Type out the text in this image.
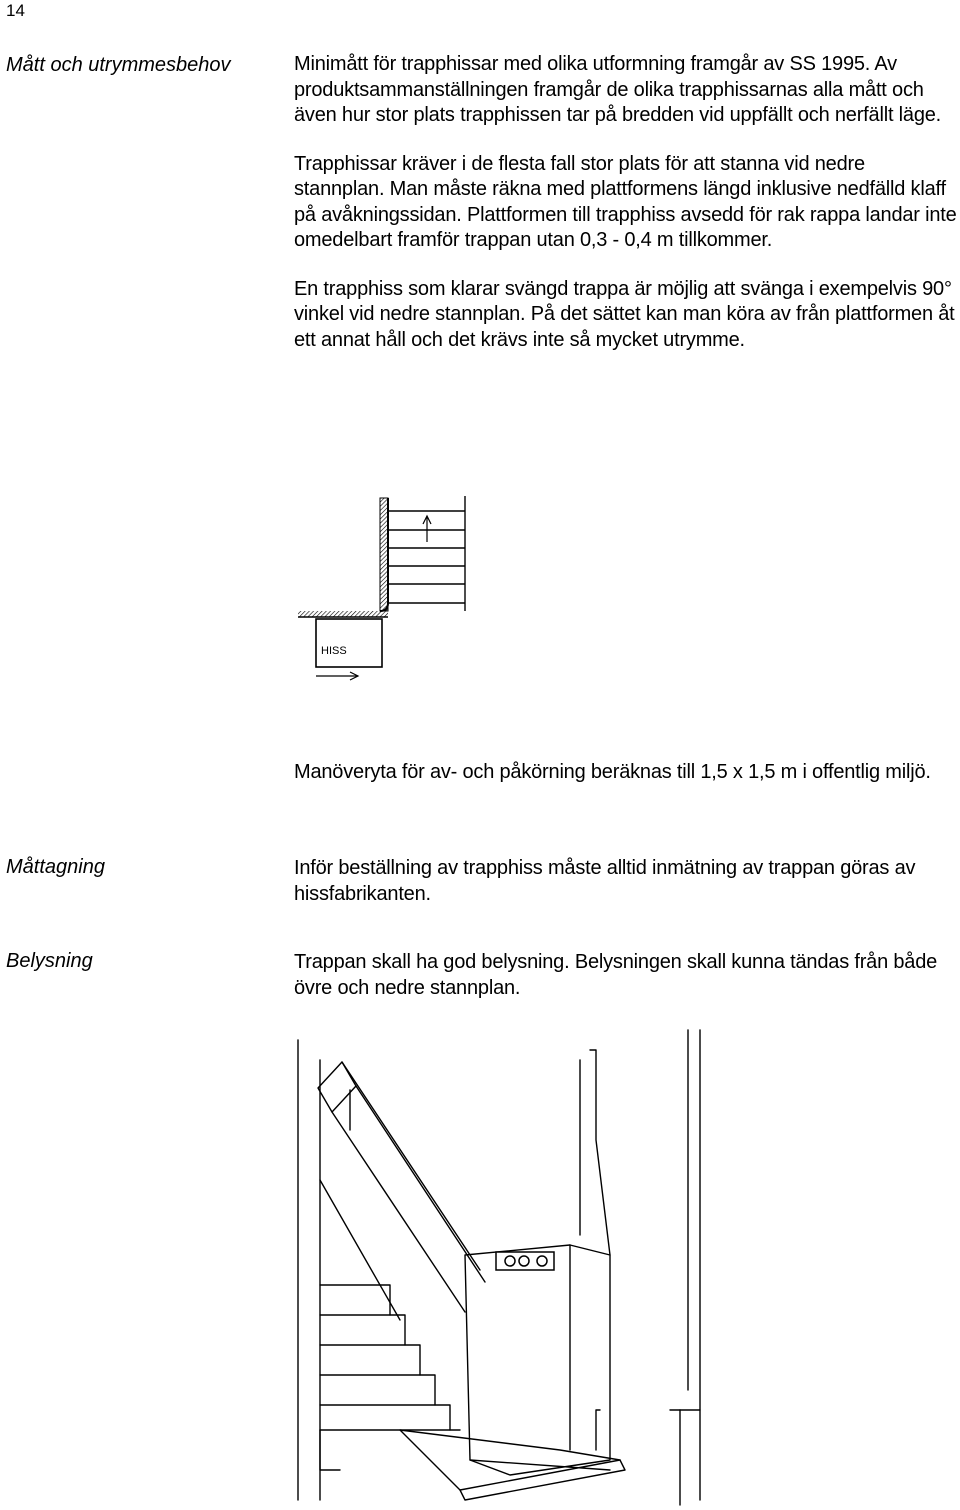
14
Mått och utrymmesbehov	Minimått för trapphissar med olika utformning framgår av SS 1995. Av produktsammanställningen framgår de olika trapphissarnas alla mått och även hur stor plats trapphissen tar på bredden vid uppfällt och nerfällt läge.

Trapphissar kräver i de flesta fall stor plats för att stanna vid nedre stannplan. Man måste räkna med plattformens längd inklusive nedfälld klaff på avåkningssidan. Plattformen till trapphiss avsedd för rak rappa landar inte omedelbart framför trappan utan 0,3 - 0,4 m tillkommer.

En trapphiss som klarar svängd trappa är möjlig att svänga i exempelvis 90° vinkel vid nedre stannplan. På det sättet kan man köra av från plattformen åt ett annat håll och det krävs inte så mycket utrymme.

HISS

Manöveryta för av- och påkörning beräknas till 1,5 x 1,5 m i offentlig miljö.

Måttagning	Inför beställning av trapphiss måste alltid inmätning av trappan göras av hissfabrikanten.

Belysning	Trappan skall ha god belysning. Belysningen skall kunna tändas från både övre och nedre stannplan.
